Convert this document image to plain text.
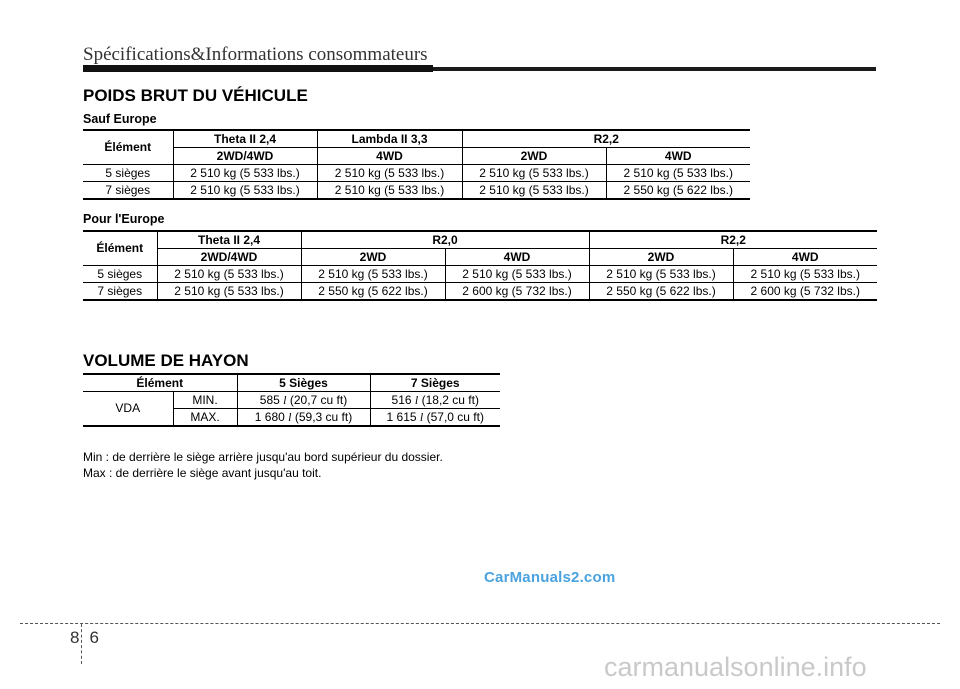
Spécifications&Informations consommateurs
POIDS BRUT DU VÉHICULE
Sauf Europe
Élément	Theta II 2,4	Lambda II 3,3	R2,2	
	2WD/4WD	4WD	2WD	4WD
5 sièges	2 510 kg (5 533 lbs.)	2 510 kg (5 533 lbs.)	2 510 kg (5 533 lbs.)	2 510 kg (5 533 lbs.)
7 sièges	2 510 kg (5 533 lbs.)	2 510 kg (5 533 lbs.)	2 510 kg (5 533 lbs.)	2 550 kg (5 622 lbs.)
Pour l'Europe
Élément	Theta II 2,4	R2,0		R2,2	
	2WD/4WD	2WD	4WD	2WD	4WD
5 sièges	2 510 kg (5 533 lbs.)	2 510 kg (5 533 lbs.)	2 510 kg (5 533 lbs.)	2 510 kg (5 533 lbs.)	2 510 kg (5 533 lbs.)
7 sièges	2 510 kg (5 533 lbs.)	2 550 kg (5 622 lbs.)	2 600 kg (5 732 lbs.)	2 550 kg (5 622 lbs.)	2 600 kg (5 732 lbs.)
VOLUME DE HAYON
Élément		5 Sièges	7 Sièges
VDA	MIN.	585 l (20,7 cu ft)	516 l (18,2 cu ft)
	MAX.	1 680 l (59,3 cu ft)	1 615 l (57,0 cu ft)
Min : de derrière le siège arrière jusqu'au bord supérieur du dossier.
Max : de derrière le siège avant jusqu'au toit.
CarManuals2.com
8 6
carmanualsonline.info
